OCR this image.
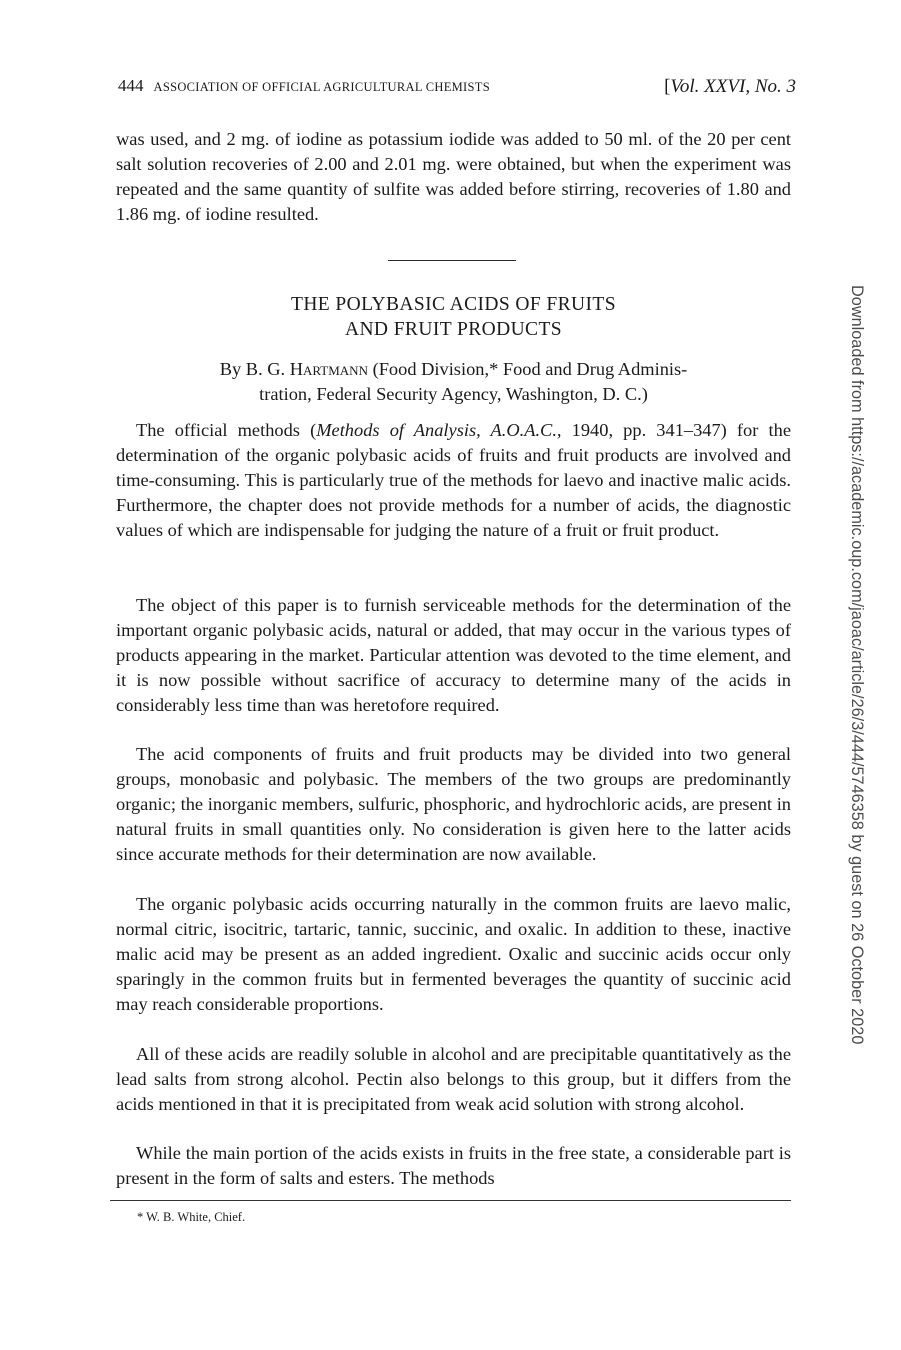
444 ASSOCIATION OF OFFICIAL AGRICULTURAL CHEMISTS	[Vol. XXVI, No. 3

was used, and 2 mg. of iodine as potassium iodide was added to 50 ml. of the 20 per cent salt solution recoveries of 2.00 and 2.01 mg. were obtained, but when the experiment was repeated and the same quantity of sulfite was added before stirring, recoveries of 1.80 and 1.86 mg. of iodine resulted.

THE POLYBASIC ACIDS OF FRUITS
AND FRUIT PRODUCTS
By B. G. Hartmann (Food Division,* Food and Drug Adminis-
tration, Federal Security Agency, Washington, D. C.)

The official methods (Methods of Analysis, A.O.A.C., 1940, pp. 341–347) for the determination of the organic polybasic acids of fruits and fruit products are involved and time-consuming. This is particularly true of the methods for laevo and inactive malic acids. Furthermore, the chapter does not provide methods for a number of acids, the diagnostic values of which are indispensable for judging the nature of a fruit or fruit product.

The object of this paper is to furnish serviceable methods for the determination of the important organic polybasic acids, natural or added, that may occur in the various types of products appearing in the market. Particular attention was devoted to the time element, and it is now possible without sacrifice of accuracy to determine many of the acids in considerably less time than was heretofore required.

The acid components of fruits and fruit products may be divided into two general groups, monobasic and polybasic. The members of the two groups are predominantly organic; the inorganic members, sulfuric, phosphoric, and hydrochloric acids, are present in natural fruits in small quantities only. No consideration is given here to the latter acids since accurate methods for their determination are now available.

The organic polybasic acids occurring naturally in the common fruits are laevo malic, normal citric, isocitric, tartaric, tannic, succinic, and oxalic. In addition to these, inactive malic acid may be present as an added ingredient. Oxalic and succinic acids occur only sparingly in the common fruits but in fermented beverages the quantity of succinic acid may reach considerable proportions.

All of these acids are readily soluble in alcohol and are precipitable quantitatively as the lead salts from strong alcohol. Pectin also belongs to this group, but it differs from the acids mentioned in that it is precipitated from weak acid solution with strong alcohol.

While the main portion of the acids exists in fruits in the free state, a considerable part is present in the form of salts and esters. The methods

* W. B. White, Chief.
Downloaded from https://academic.oup.com/jaoac/article/26/3/444/5746358 by guest on 26 October 2020
